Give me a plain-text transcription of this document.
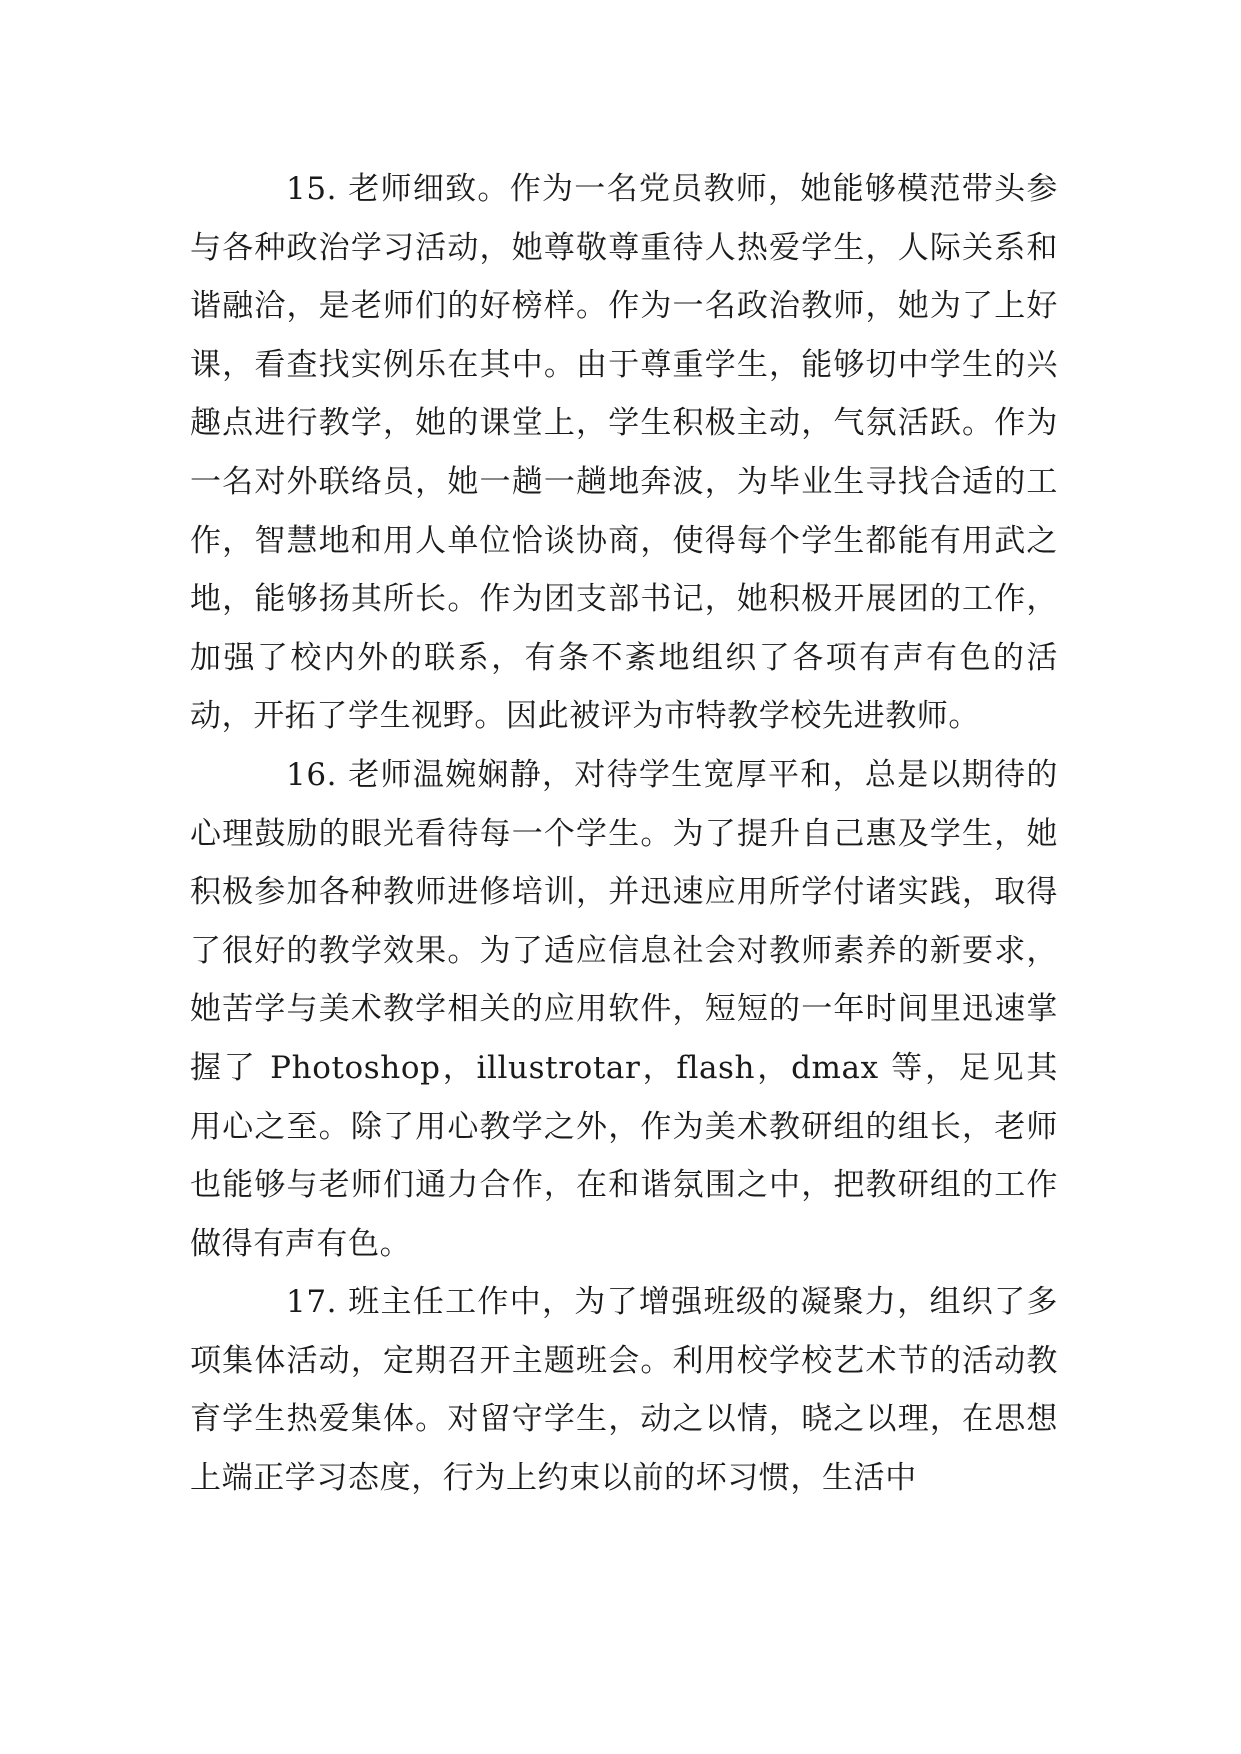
15. 老师细致。作为一名党员教师，她能够模范带头参与各种政治学习活动，她尊敬尊重待人热爱学生，人际关系和谐融洽，是老师们的好榜样。作为一名政治教师，她为了上好课，看查找实例乐在其中。由于尊重学生，能够切中学生的兴趣点进行教学，她的课堂上，学生积极主动，气氛活跃。作为一名对外联络员，她一趟一趟地奔波，为毕业生寻找合适的工作，智慧地和用人单位恰谈协商，使得每个学生都能有用武之地，能够扬其所长。作为团支部书记，她积极开展团的工作，加强了校内外的联系，有条不紊地组织了各项有声有色的活动，开拓了学生视野。因此被评为市特教学校先进教师。

16. 老师温婉娴静，对待学生宽厚平和，总是以期待的心理鼓励的眼光看待每一个学生。为了提升自己惠及学生，她积极参加各种教师进修培训，并迅速应用所学付诸实践，取得了很好的教学效果。为了适应信息社会对教师素养的新要求，她苦学与美术教学相关的应用软件，短短的一年时间里迅速掌握了 Photoshop，illustrotar，flash，dmax 等，足见其用心之至。除了用心教学之外，作为美术教研组的组长，老师也能够与老师们通力合作，在和谐氛围之中，把教研组的工作做得有声有色。

17. 班主任工作中，为了增强班级的凝聚力，组织了多项集体活动，定期召开主题班会。利用校学校艺术节的活动教育学生热爱集体。对留守学生，动之以情，晓之以理，在思想上端正学习态度，行为上约束以前的坏习惯，生活中
